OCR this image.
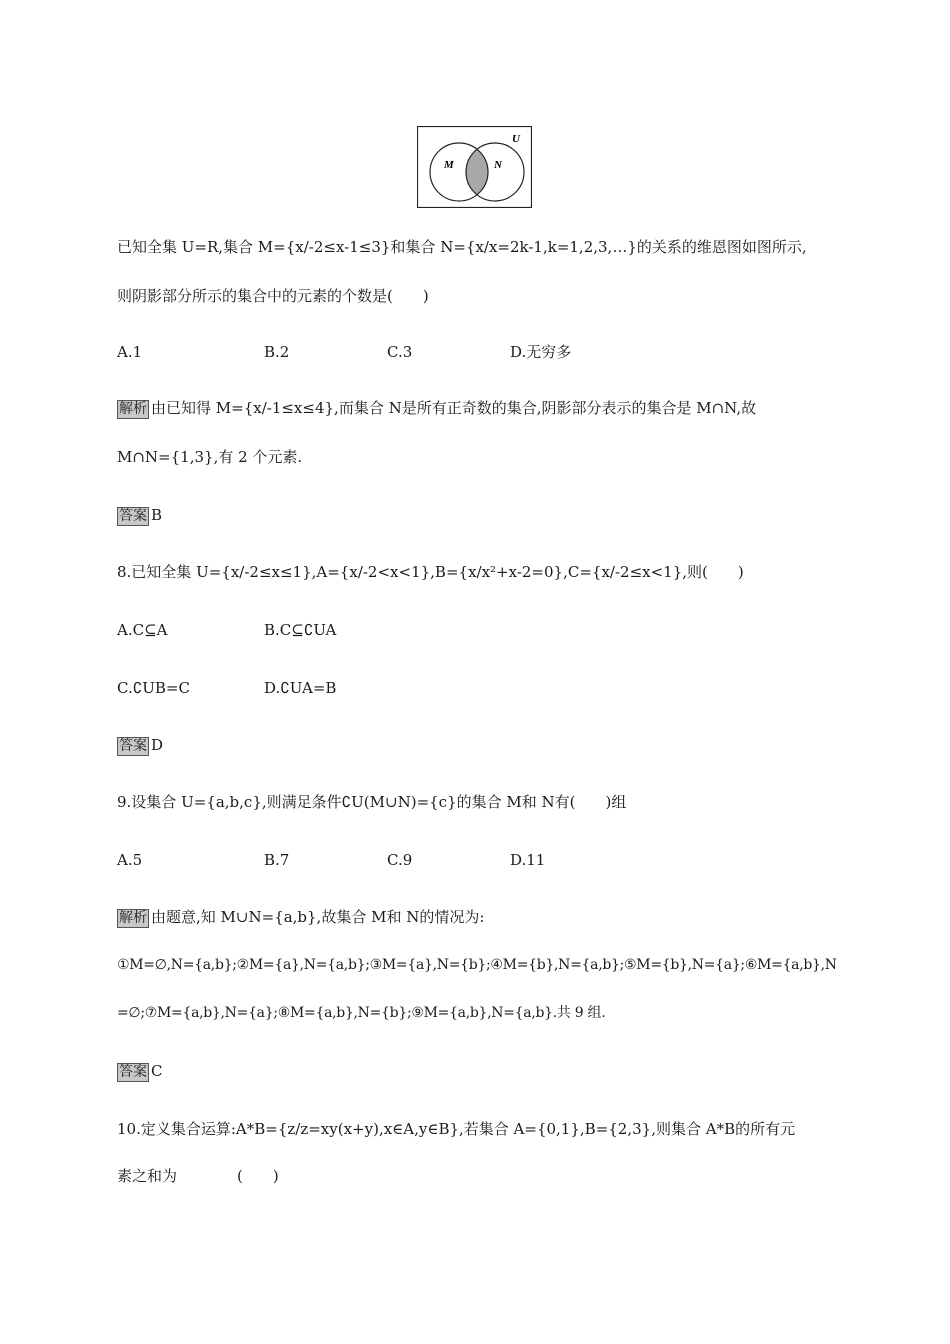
U
M	N
已知全集 U=R,集合 M={x/-2≤x-1≤3}和集合 N={x/x=2k-1,k=1,2,3,…}的关系的维恩图如图所示,
则阴影部分所示的集合中的元素的个数是(　　)
A.1	B.2	C.3	D.无穷多
解析 由已知得 M={x/-1≤x≤4},而集合 N是所有正奇数的集合,阴影部分表示的集合是 M∩N,故
M∩N={1,3},有 2 个元素.
答案 B
8.已知全集 U={x/-2≤x≤1},A={x/-2<x<1},B={x/x²+x-2=0},C={x/-2≤x<1},则(　　)
A.C⊆A	B.C⊆∁UA
C.∁UB=C	D.∁UA=B
答案 D
9.设集合 U={a,b,c},则满足条件∁U(M∪N)={c}的集合 M和 N有(　　)组
A.5	B.7	C.9	D.11
解析 由题意,知 M∪N={a,b},故集合 M和 N的情况为:
①M=∅,N={a,b};②M={a},N={a,b};③M={a},N={b};④M={b},N={a,b};⑤M={b},N={a};⑥M={a,b},N
=∅;⑦M={a,b},N={a};⑧M={a,b},N={b};⑨M={a,b},N={a,b}.共 9 组.
答案 C
10.定义集合运算:A*B={z/z=xy(x+y),x∈A,y∈B},若集合 A={0,1},B={2,3},则集合 A*B的所有元
素之和为　　　　(　　)
